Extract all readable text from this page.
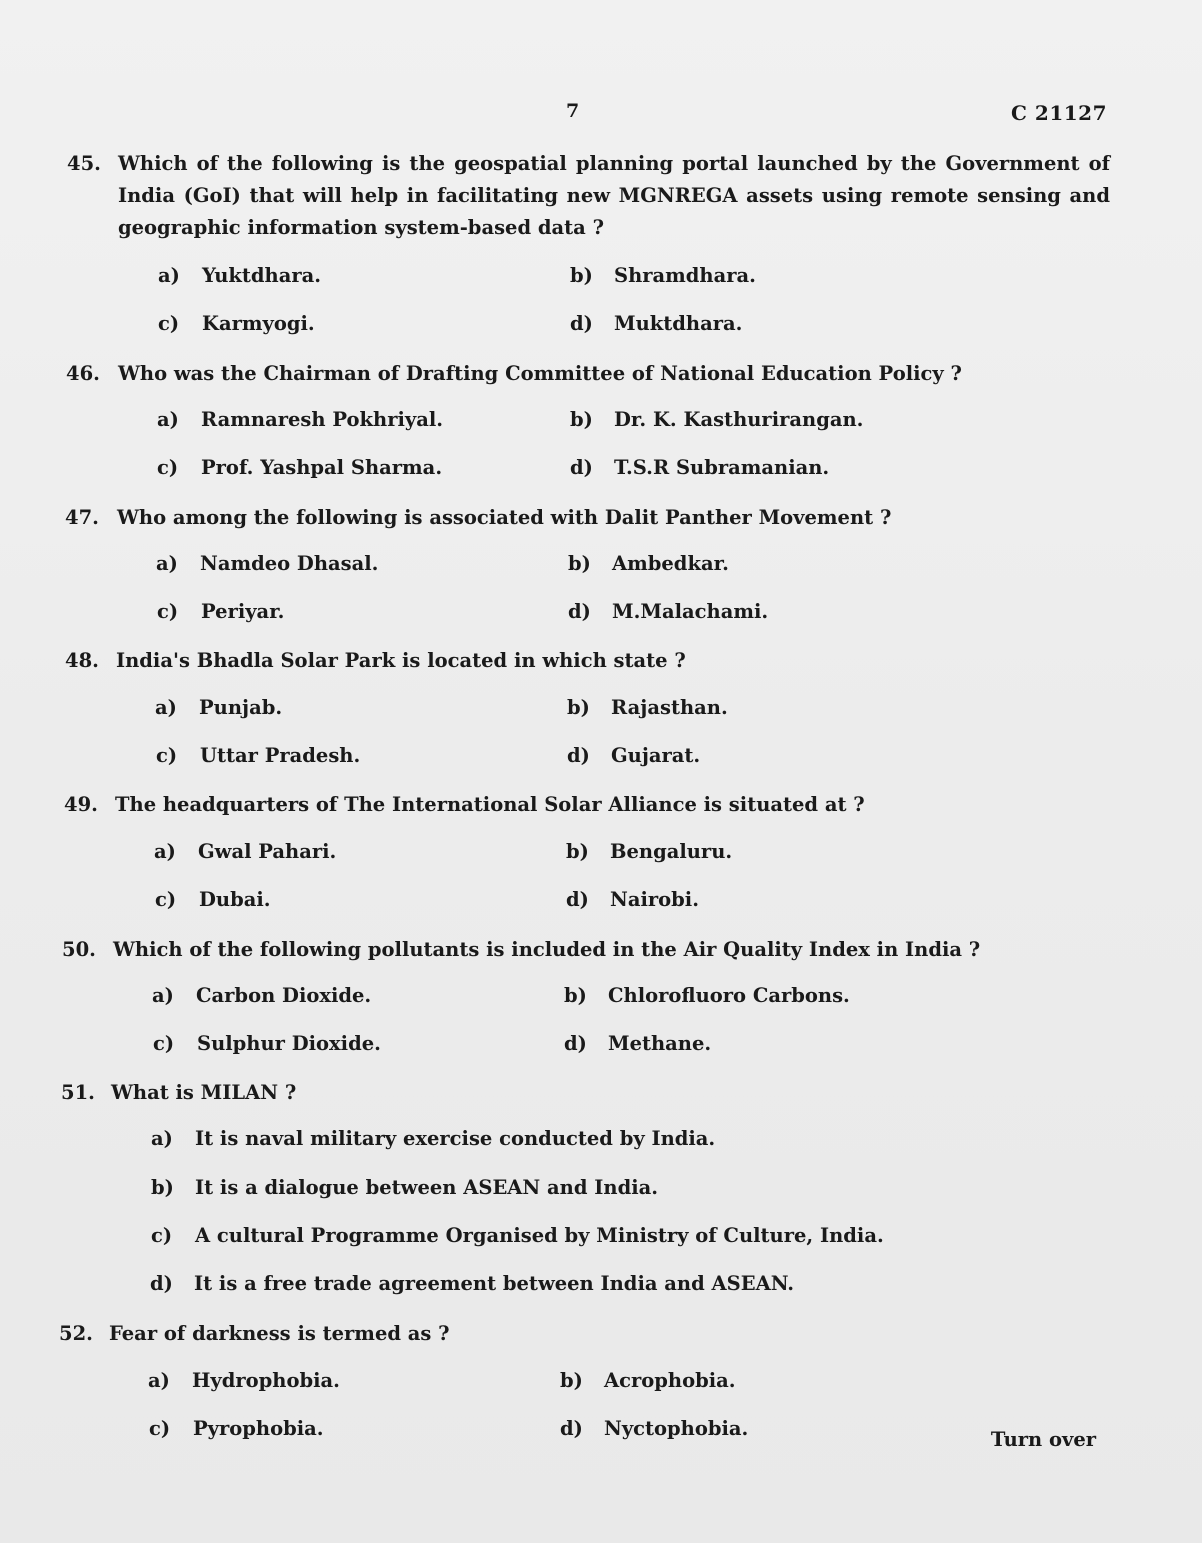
7	C 21127
45. Which of the following is the geospatial planning portal launched by the Government of India (GoI) that will help in facilitating new MGNREGA assets using remote sensing and geographic information system-based data ?
a) Yuktdhara.	b) Shramdhara.
c) Karmyogi.	d) Muktdhara.
46. Who was the Chairman of Drafting Committee of National Education Policy ?
a) Ramnaresh Pokhriyal.	b) Dr. K. Kasthurirangan.
c) Prof. Yashpal Sharma.	d) T.S.R Subramanian.
47. Who among the following is associated with Dalit Panther Movement ?
a) Namdeo Dhasal.	b) Ambedkar.
c) Periyar.	d) M.Malachami.
48. India's Bhadla Solar Park is located in which state ?
a) Punjab.	b) Rajasthan.
c) Uttar Pradesh.	d) Gujarat.
49. The headquarters of The International Solar Alliance is situated at ?
a) Gwal Pahari.	b) Bengaluru.
c) Dubai.	d) Nairobi.
50. Which of the following pollutants is included in the Air Quality Index in India ?
a) Carbon Dioxide.	b) Chlorofluoro Carbons.
c) Sulphur Dioxide.	d) Methane.
51. What is MILAN ?
a) It is naval military exercise conducted by India.
b) It is a dialogue between ASEAN and India.
c) A cultural Programme Organised by Ministry of Culture, India.
d) It is a free trade agreement between India and ASEAN.
52. Fear of darkness is termed as ?
a) Hydrophobia.	b) Acrophobia.
c) Pyrophobia.	d) Nyctophobia.	Turn over
